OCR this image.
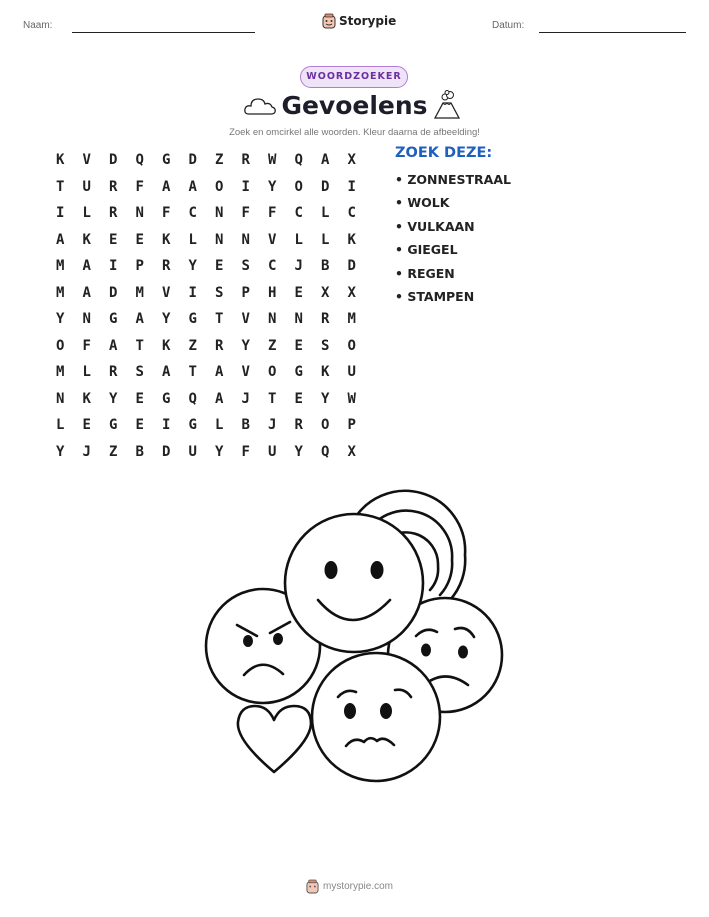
Naam:	Storypie	Datum:
WOORDZOEKER
Gevoelens
Zoek en omcirkel alle woorden. Kleur daarna de afbeelding!
K	V	D	Q	G	D	Z	R	W	Q	A	X
T	U	R	F	A	A	O	I	Y	O	D	I
I	L	R	N	F	C	N	F	F	C	L	C
A	K	E	E	K	L	N	N	V	L	L	K
M	A	I	P	R	Y	E	S	C	J	B	D
M	A	D	M	V	I	S	P	H	E	X	X
Y	N	G	A	Y	G	T	V	N	N	R	M
O	F	A	T	K	Z	R	Y	Z	E	S	O
M	L	R	S	A	T	A	V	O	G	K	U
N	K	Y	E	G	Q	A	J	T	E	Y	W
L	E	G	E	I	G	L	B	J	R	O	P
Y	J	Z	B	D	U	Y	F	U	Y	Q	X
ZOEK DEZE:
• ZONNESTRAAL
• WOLK
• VULKAAN
• GIEGEL
• REGEN
• STAMPEN
mystorypie.com
